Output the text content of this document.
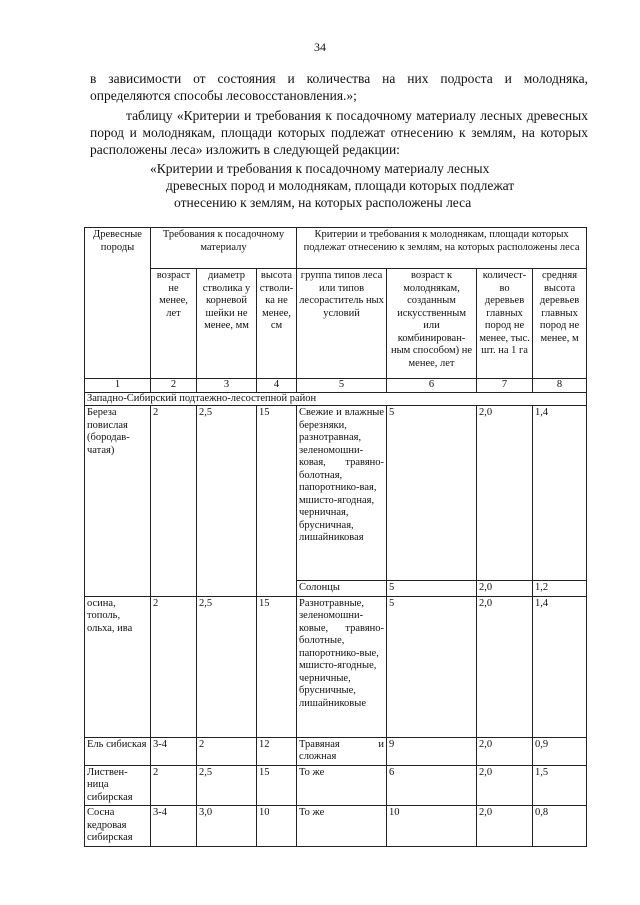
34
в зависимости от состояния и количества на них подроста и молодняка,
определяются способы лесовосстановления.»;
таблицу «Критерии и требования к посадочному материалу лесных древесных пород и молоднякам, площади которых подлежат отнесению к землям, на которых расположены леса» изложить в следующей редакции:
«Критерии и требования к посадочному материалу лесных
древесных пород и молоднякам, площади которых подлежат
отнесению к землям, на которых расположены леса
Древесные породы	Требования к посадочному материалу			Критерии и требования к молоднякам, площади которых подлежат отнесению к землям, на которых расположены леса			
	возраст не менее, лет	диаметр стволика у корневой шейки не менее, мм	высота стволи-ка не менее, см	группа типов леса или типов лесораститель ных условий	возраст к молоднякам, созданным искусственным или комбинирован-ным способом) не менее, лет	количест-во деревьев главных пород не менее, тыс. шт. на 1 га	средняя высота деревьев главных пород не менее, м
1	2	3	4	5	6	7	8
Западно-Сибирский подтаежно-лесостепной район							
Береза повислая (бородав-чатая)	2	2,5	15	Свежие и влажные березняки, разнотравная, зеленомошни-ковая, травяно-болотная, папоротнико-вая, мшисто-ягодная, черничная, брусничная, лишайниковая	5	2,0	1,4
				Солонцы	5	2,0	1,2
осина, тополь, ольха, ива	2	2,5	15	Разнотравные, зеленомошни-ковые, травяно-болотные, папоротнико-вые, мшисто-ягодные, черничные, брусничные, лишайниковые	5	2,0	1,4
Ель сибиская	3-4	2	12	Травяная и сложная	9	2,0	0,9
Листвен-ница сибирская	2	2,5	15	То же	6	2,0	1,5
Сосна кедровая сибирская	3-4	3,0	10	То же	10	2,0	0,8
